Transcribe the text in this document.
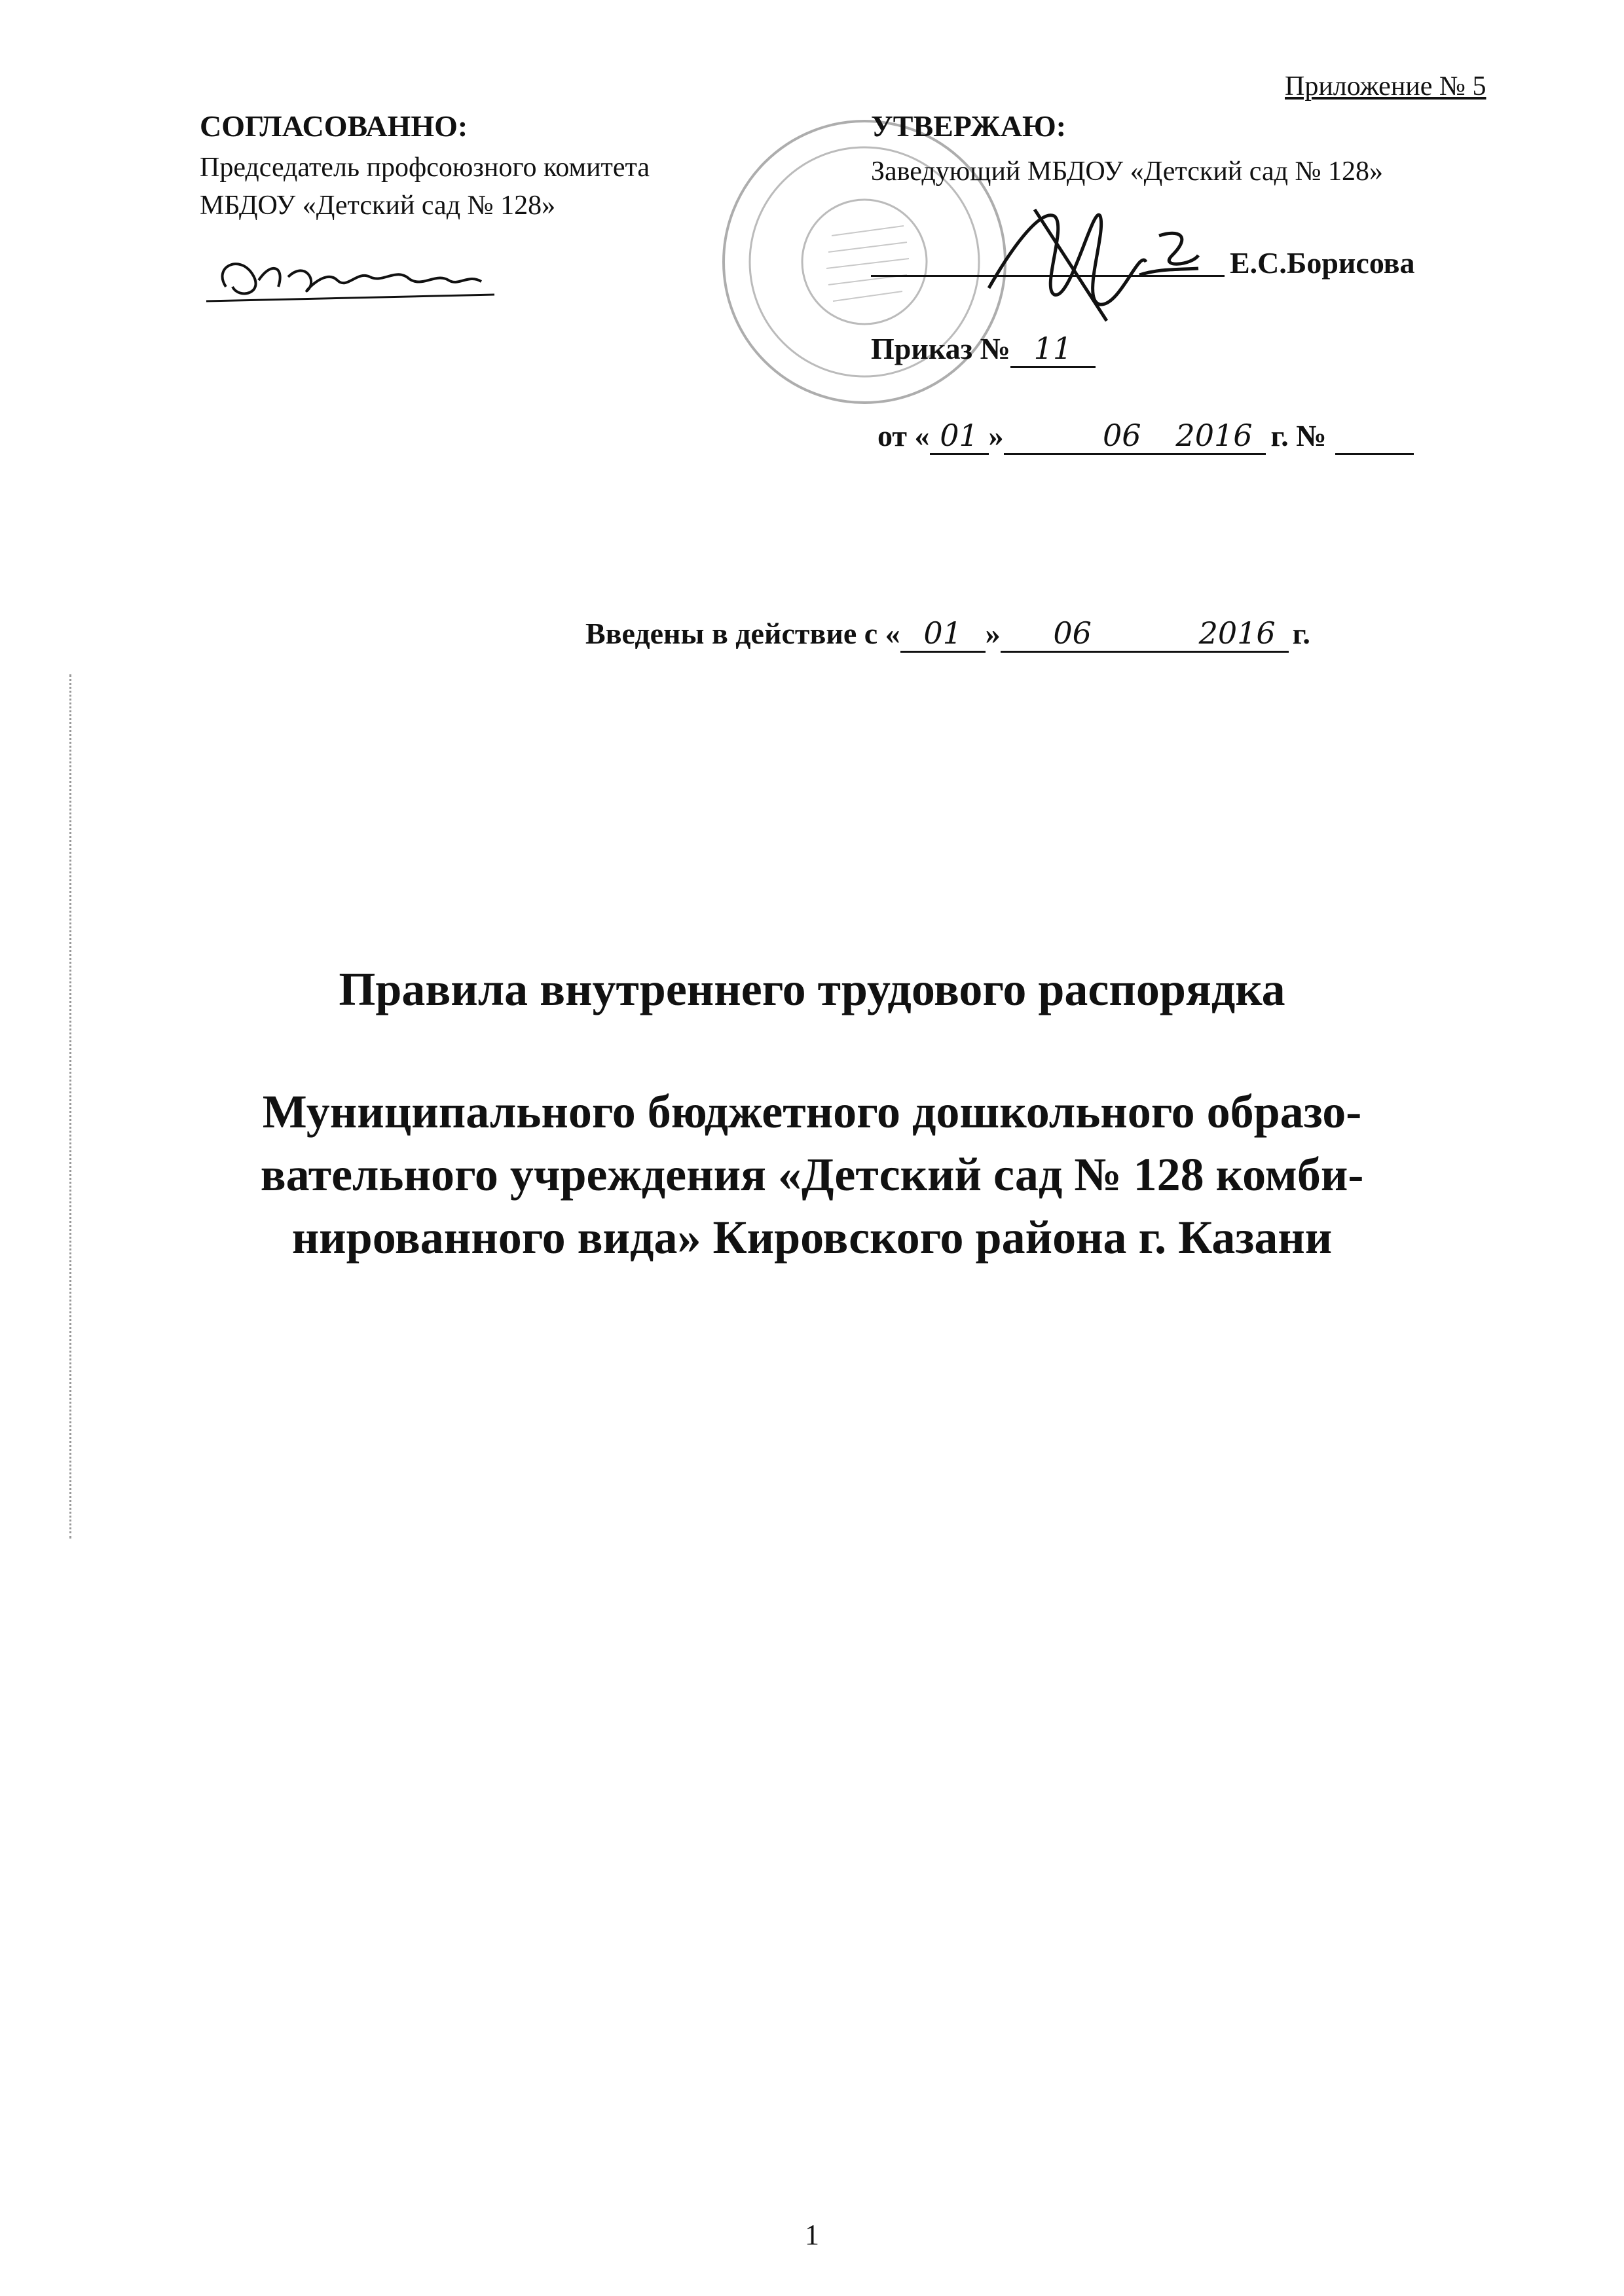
Приложение № 5
СОГЛАСОВАННО:
Председатель профсоюзного комитета
МБДОУ «Детский сад № 128»
УТВЕРЖАЮ:
Заведующий МБДОУ «Детский сад № 128»
Е.С.Борисова
Приказ № 11
от « 01 »	06 2016 г. №
Введены в действие с « 01 » 06	2016 г.
Правила внутреннего трудового распорядка
Муниципального бюджетного дошкольного образо-
вательного учреждения «Детский сад № 128 комби-
нированного вида» Кировского района г. Казани
1
